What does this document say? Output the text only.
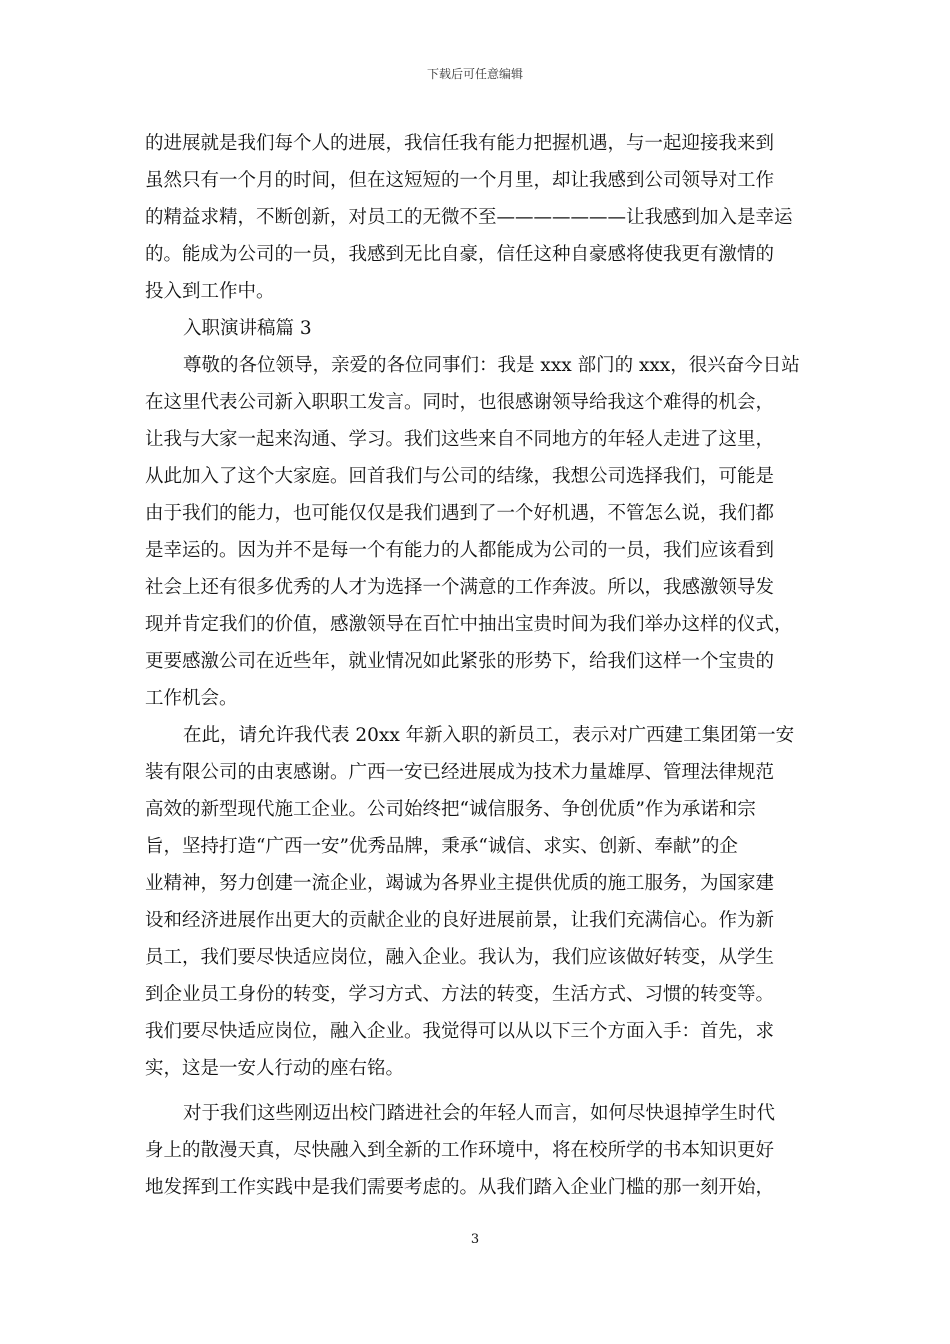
下载后可任意编辑
的进展就是我们每个人的进展，我信任我有能力把握机遇，与一起迎接我来到
虽然只有一个月的时间，但在这短短的一个月里，却让我感到公司领导对工作
的精益求精，不断创新，对员工的无微不至———————让我感到加入是幸运
的。能成为公司的一员，我感到无比自豪，信任这种自豪感将使我更有激情的
投入到工作中。
入职演讲稿篇 3
尊敬的各位领导，亲爱的各位同事们：我是 xxx 部门的 xxx，很兴奋今日站
在这里代表公司新入职职工发言。同时，也很感谢领导给我这个难得的机会，
让我与大家一起来沟通、学习。我们这些来自不同地方的年轻人走进了这里，
从此加入了这个大家庭。回首我们与公司的结缘，我想公司选择我们，可能是
由于我们的能力，也可能仅仅是我们遇到了一个好机遇，不管怎么说，我们都
是幸运的。因为并不是每一个有能力的人都能成为公司的一员，我们应该看到
社会上还有很多优秀的人才为选择一个满意的工作奔波。所以，我感激领导发
现并肯定我们的价值，感激领导在百忙中抽出宝贵时间为我们举办这样的仪式，
更要感激公司在近些年，就业情况如此紧张的形势下，给我们这样一个宝贵的
工作机会。
在此，请允许我代表 20xx 年新入职的新员工，表示对广西建工集团第一安
装有限公司的由衷感谢。广西一安已经进展成为技术力量雄厚、管理法律规范
高效的新型现代施工企业。公司始终把“诚信服务、争创优质”作为承诺和宗
旨，坚持打造“广西一安”优秀品牌，秉承“诚信、求实、创新、奉献”的企
业精神，努力创建一流企业，竭诚为各界业主提供优质的施工服务，为国家建
设和经济进展作出更大的贡献企业的良好进展前景，让我们充满信心。作为新
员工，我们要尽快适应岗位，融入企业。我认为，我们应该做好转变，从学生
到企业员工身份的转变，学习方式、方法的转变，生活方式、习惯的转变等。
我们要尽快适应岗位，融入企业。我觉得可以从以下三个方面入手：首先，求
实，这是一安人行动的座右铭。
对于我们这些刚迈出校门踏进社会的年轻人而言，如何尽快退掉学生时代
身上的散漫天真，尽快融入到全新的工作环境中，将在校所学的书本知识更好
地发挥到工作实践中是我们需要考虑的。从我们踏入企业门槛的那一刻开始，
3
